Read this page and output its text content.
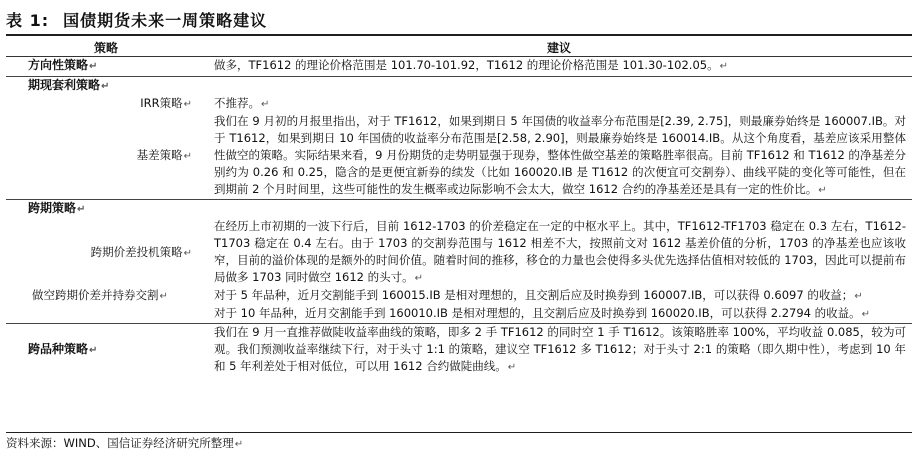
表 1: 国债期货未来一周策略建议
策略	建议
方向性策略↵	做多，TF1612 的理论价格范围是 101.70-101.92，T1612 的理论价格范围是 101.30-102.05。↵
期现套利策略↵	
IRR策略↵	不推荐。↵
基差策略↵	我们在 9 月初的月报里指出，对于 TF1612，如果到期日 5 年国债的收益率分布范围是[2.39, 2.75]，则最廉券始终是 160007.IB。对于 T1612，如果到期日 10 年国债的收益率分布范围是[2.58, 2.90]，则最廉券始终是 160014.IB。从这个角度看，基差应该采用整体性做空的策略。实际结果来看，9 月份期货的走势明显强于现券，整体性做空基差的策略胜率很高。目前 TF1612 和 T1612 的净基差分别约为 0.26 和 0.25，隐含的是更便宜新券的续发（比如 160020.IB 是 T1612 的次便宜可交割券）、曲线平陡的变化等可能性，但在到期前 2 个月时间里，这些可能性的发生概率或边际影响不会太大，做空 1612 合约的净基差还是具有一定的性价比。↵
跨期策略↵	
跨期价差投机策略↵	在经历上市初期的一波下行后，目前 1612-1703 的价差稳定在一定的中枢水平上。其中，TF1612-TF1703 稳定在 0.3 左右，T1612-T1703 稳定在 0.4 左右。由于 1703 的交割券范围与 1612 相差不大，按照前文对 1612 基差价值的分析，1703 的净基差也应该收窄，目前的溢价体现的是额外的时间价值。随着时间的推移，移仓的力量也会使得多头优先选择估值相对较低的 1703，因此可以提前布局做多 1703 同时做空 1612 的头寸。↵
做空跨期价差并持券交割↵	对于 5 年品种，近月交割能手到 160015.IB 是相对理想的，且交割后应及时换券到 160007.IB，可以获得 0.6097 的收益；↵
对于 10 年品种，近月交割能手到 160010.IB 是相对理想的，且交割后应及时换券到 160020.IB，可以获得 2.2794 的收益。↵

跨品种策略↵	我们在 9 月一直推荐做陡收益率曲线的策略，即多 2 手 TF1612 的同时空 1 手 T1612。该策略胜率 100%，平均收益 0.085，较为可观。我们预测收益率继续下行，对于头寸 1:1 的策略，建议空 TF1612 多 T1612；对于头寸 2:1 的策略（即久期中性），考虑到 10 年和 5 年利差处于相对低位，可以用 1612 合约做陡曲线。↵
资料来源：WIND、国信证券经济研究所整理↵
